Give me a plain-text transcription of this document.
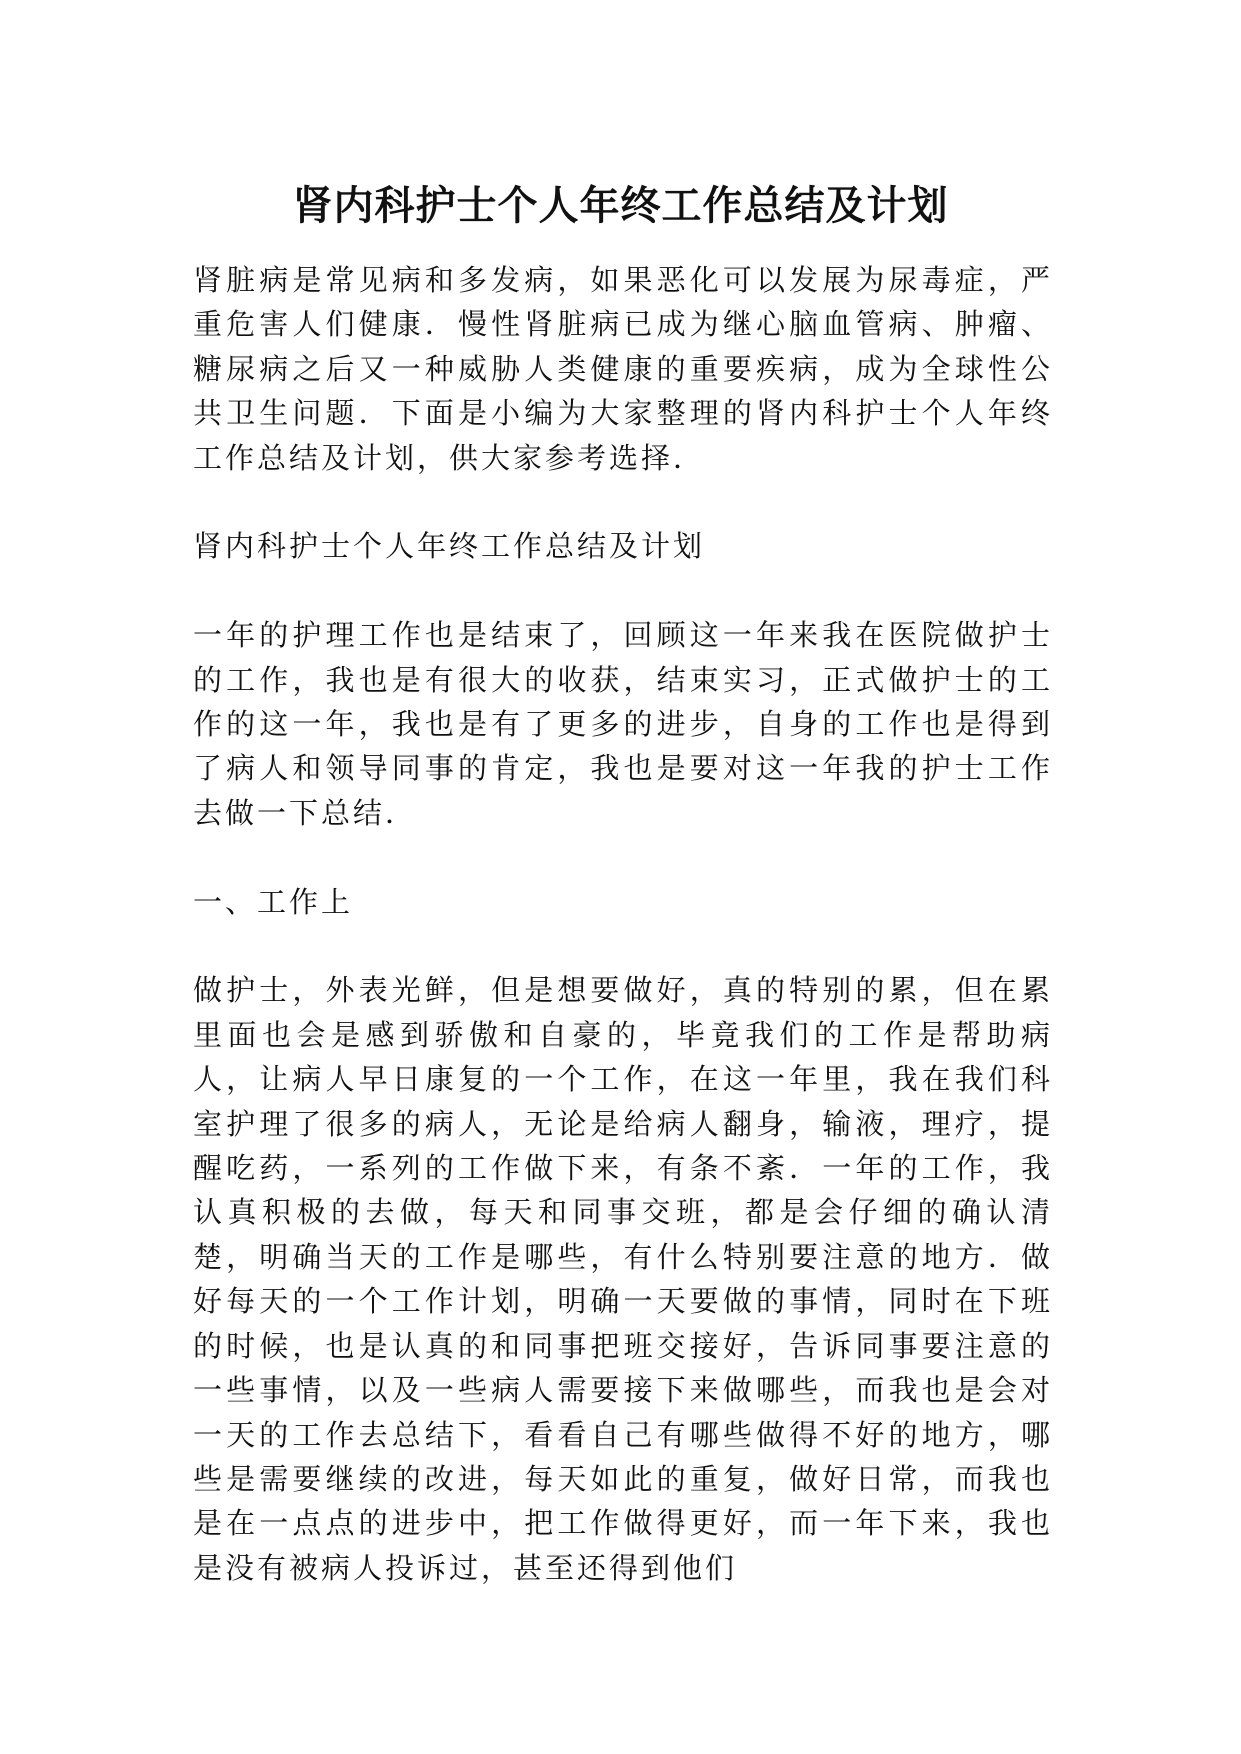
肾内科护士个人年终工作总结及计划

肾脏病是常见病和多发病，如果恶化可以发展为尿毒症，严重危害人们健康．慢性肾脏病已成为继心脑血管病、肿瘤、糖尿病之后又一种威胁人类健康的重要疾病，成为全球性公共卫生问题．下面是小编为大家整理的肾内科护士个人年终工作总结及计划，供大家参考选择．

肾内科护士个人年终工作总结及计划

一年的护理工作也是结束了，回顾这一年来我在医院做护士的工作，我也是有很大的收获，结束实习，正式做护士的工作的这一年，我也是有了更多的进步，自身的工作也是得到了病人和领导同事的肯定，我也是要对这一年我的护士工作去做一下总结．

一、工作上

做护士，外表光鲜，但是想要做好，真的特别的累，但在累里面也会是感到骄傲和自豪的，毕竟我们的工作是帮助病人，让病人早日康复的一个工作，在这一年里，我在我们科室护理了很多的病人，无论是给病人翻身，输液，理疗，提醒吃药，一系列的工作做下来，有条不紊．一年的工作，我认真积极的去做，每天和同事交班，都是会仔细的确认清楚，明确当天的工作是哪些，有什么特别要注意的地方．做好每天的一个工作计划，明确一天要做的事情，同时在下班的时候，也是认真的和同事把班交接好，告诉同事要注意的一些事情，以及一些病人需要接下来做哪些，而我也是会对一天的工作去总结下，看看自己有哪些做得不好的地方，哪些是需要继续的改进，每天如此的重复，做好日常，而我也是在一点点的进步中，把工作做得更好，而一年下来，我也是没有被病人投诉过，甚至还得到他们
